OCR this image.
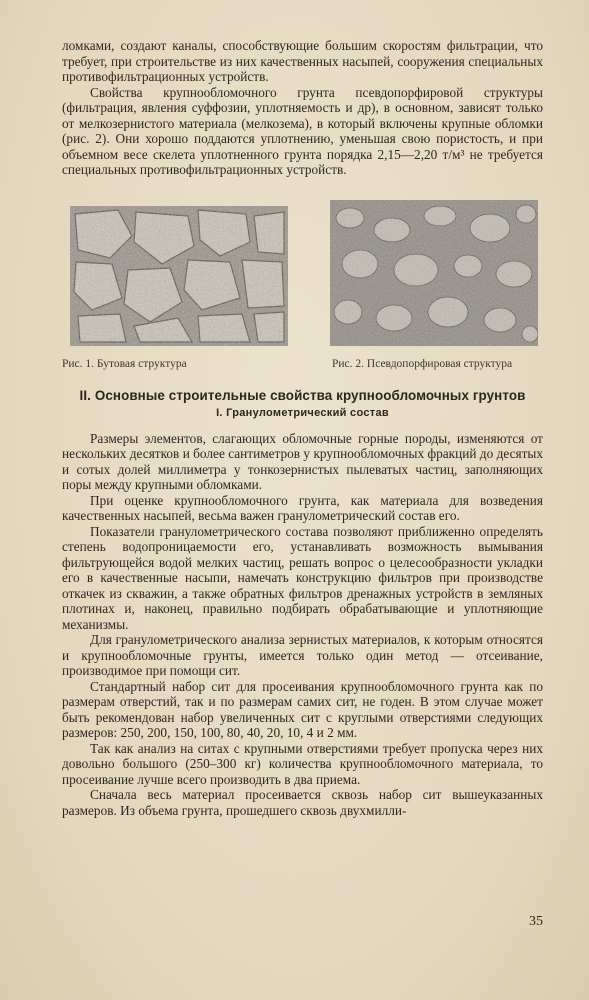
ломками, создают каналы, способствующие большим скоростям фильтрации, что требует, при строительстве из них качественных насыпей, сооружения специальных противофильтрационных устройств.

Свойства крупнообломочного грунта псевдопорфировой структуры (фильтрация, явления суффозии, уплотняемость и др), в основном, зависят только от мелкозернистого материала (мелкозема), в который включены крупные обломки (рис. 2). Они хорошо поддаются уплотнению, уменьшая свою пористость, и при объемном весе скелета уплотненного грунта порядка 2,15—2,20 т/м³ не требуется специальных противофильтрационных устройств.

Рис. 1. Бутовая структура	Рис. 2. Псевдопорфировая структура
II. Основные строительные свойства крупнообломочных грунтов
I. Гранулометрический состав

Размеры элементов, слагающих обломочные горные породы, изменяются от нескольких десятков и более сантиметров у крупнообломочных фракций до десятых и сотых долей миллиметра у тонкозернистых пылеватых частиц, заполняющих поры между крупными обломками.

При оценке крупнообломочного грунта, как материала для возведения качественных насыпей, весьма важен гранулометрический состав его.

Показатели гранулометрического состава позволяют приближенно определять степень водопроницаемости его, устанавливать возможность вымывания фильтрующейся водой мелких частиц, решать вопрос о целесообразности укладки его в качественные насыпи, намечать конструкцию фильтров при производстве откачек из скважин, а также обратных фильтров дренажных устройств в земляных плотинах и, наконец, правильно подбирать обрабатывающие и уплотняющие механизмы.

Для гранулометрического анализа зернистых материалов, к которым относятся и крупнообломочные грунты, имеется только один метод — отсеивание, производимое при помощи сит.

Стандартный набор сит для просеивания крупнообломочного грунта как по размерам отверстий, так и по размерам самих сит, не годен. В этом случае может быть рекомендован набор увеличенных сит с круглыми отверстиями следующих размеров: 250, 200, 150, 100, 80, 40, 20, 10, 4 и 2 мм.

Так как анализ на ситах с крупными отверстиями требует пропуска через них довольно большого (250–300 кг) количества крупнообломочного материала, то просеивание лучше всего производить в два приема.

Сначала весь материал просеивается сквозь набор сит вышеуказанных размеров. Из объема грунта, прошедшего сквозь двухмилли-

35
